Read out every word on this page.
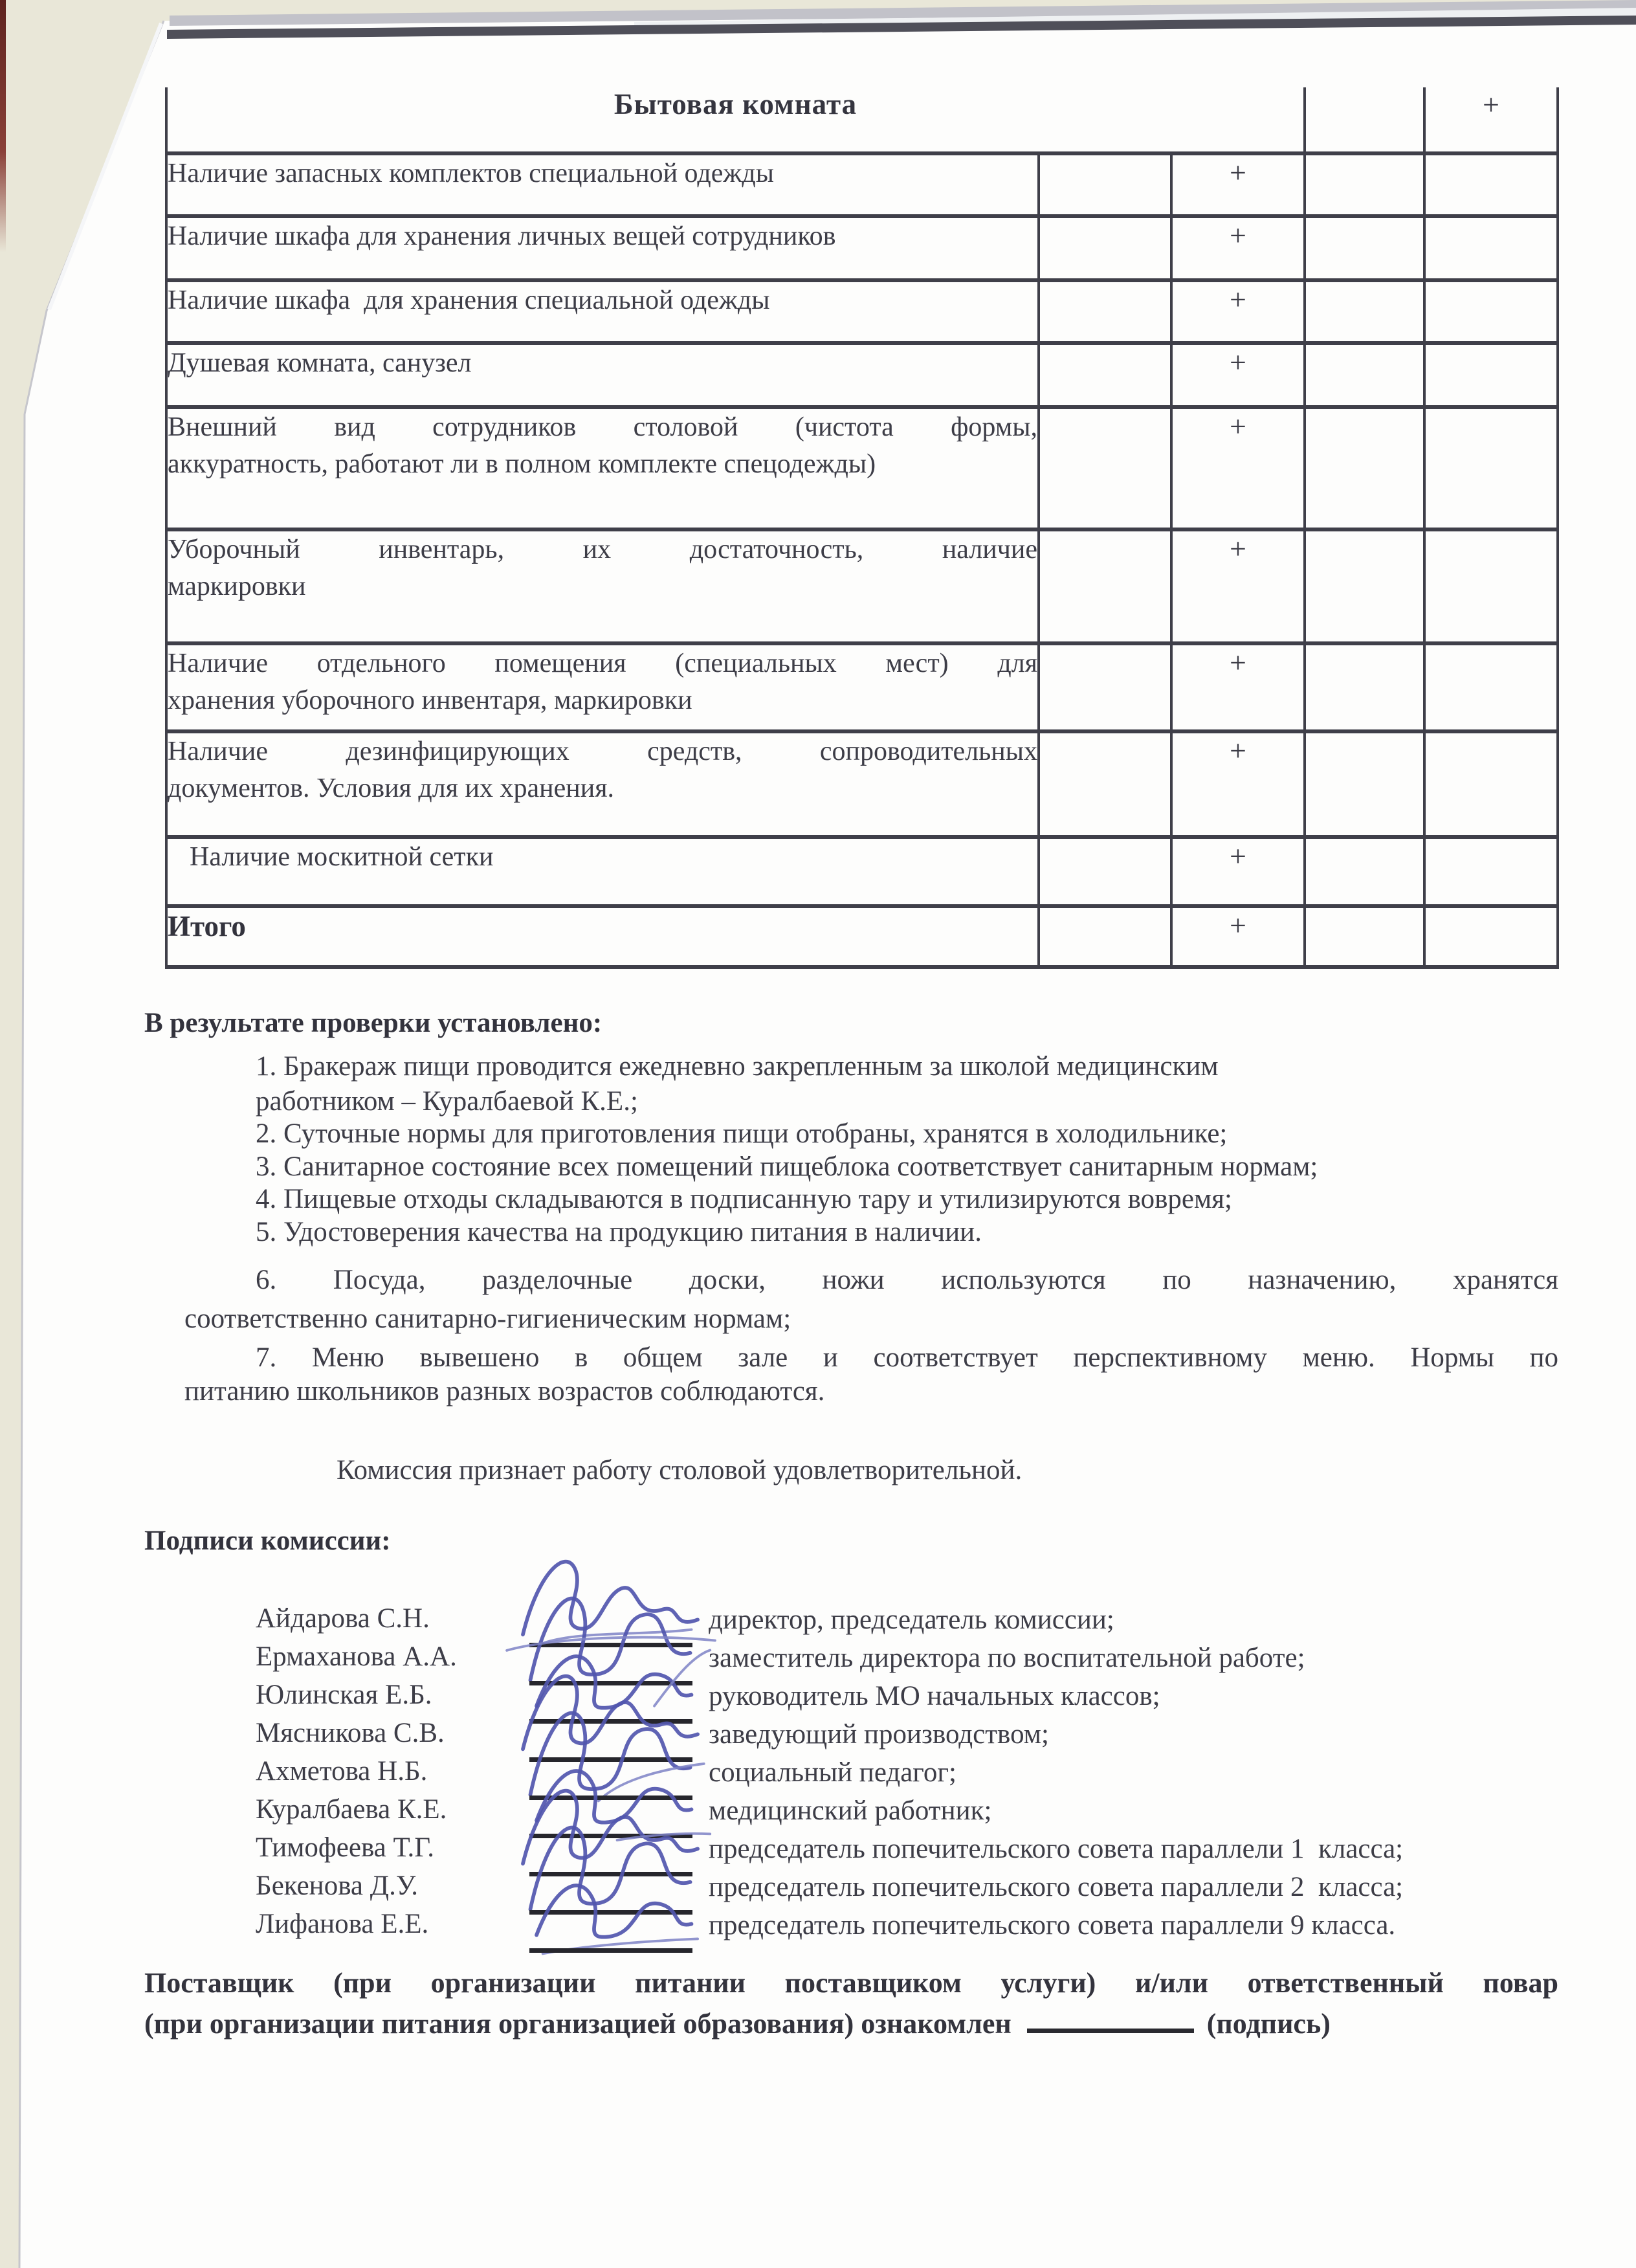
Бытовая комната				+

Наличие запасных комплектов специальной одежды		+		

Наличие шкафа для хранения личных вещей сотрудников		+		

Наличие шкафа  для хранения специальной одежды		+		

Душевая комната, санузел		+		

Внешний вид сотрудников столовой (чистота формы,
аккуратность, работают ли в полном комплекте спецодежды)		+		

Уборочный инвентарь, их достаточность, наличие
маркировки		+		

Наличие отдельного помещения (специальных мест) для
хранения уборочного инвентаря, маркировки		+		

Наличие дезинфицирующих средств, сопроводительных
документов. Условия для их хранения.		+		

Наличие москитной сетки		+		

Итого		+		
В результате проверки установлено:
1. Бракераж пищи проводится ежедневно закрепленным за школой медицинским
работником – Куралбаевой К.Е.;
2. Суточные нормы для приготовления пищи отобраны, хранятся в холодильнике;
3. Санитарное состояние всех помещений пищеблока соответствует санитарным нормам;
4. Пищевые отходы складываются в подписанную тару и утилизируются вовремя;
5. Удостоверения качества на продукцию питания в наличии.
6. Посуда, разделочные доски, ножи используются по назначению, хранятся
соответственно санитарно-гигиеническим нормам;
7. Меню вывешено в общем зале и соответствует перспективному меню. Нормы по
питанию школьников разных возрастов соблюдаются.
Комиссия признает работу столовой удовлетворительной.
Подписи комиссии:
Айдарова С.Н.	директор, председатель комиссии;
Ермаханова А.А.	заместитель директора по воспитательной работе;
Юлинская Е.Б.	руководитель МО начальных классов;
Мясникова С.В.	заведующий производством;
Ахметова Н.Б.	социальный педагог;
Куралбаева К.Е.	медицинский работник;
Тимофеева Т.Г.	председатель попечительского совета параллели 1  класса;
Бекенова Д.У.	председатель попечительского совета параллели 2  класса;
Лифанова Е.Е.	председатель попечительского совета параллели 9 класса.
Поставщик (при организации питании поставщиком услуги) и/или ответственный повар
(при организации питания организацией образования) ознакомлен	(подпись)
